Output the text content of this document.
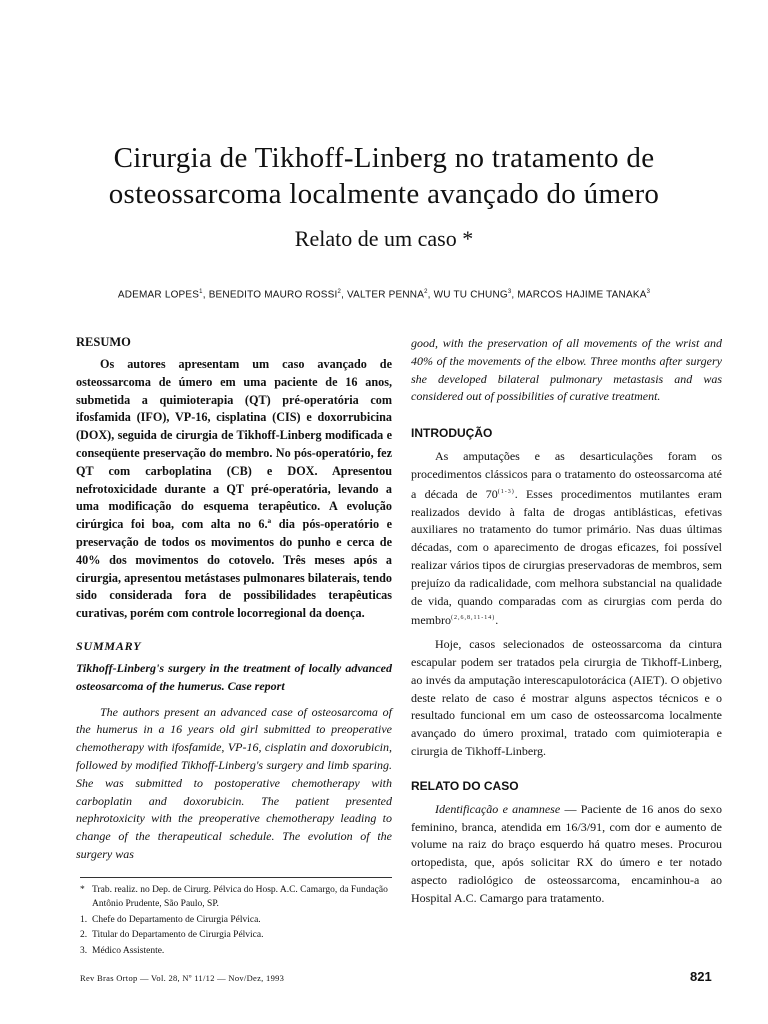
Cirurgia de Tikhoff-Linberg no tratamento de
osteossarcoma localmente avançado do úmero
Relato de um caso *
ADEMAR LOPES$^1$, BENEDITO MAURO ROSSI$^2$, VALTER PENNA$^2$, WU TU CHUNG$^3$, MARCOS HAJIME TANAKA$^3$
RESUMO

Os autores apresentam um caso avançado de osteossarcoma de úmero em uma paciente de 16 anos, submetida a quimioterapia (QT) pré-operatória com ifosfamida (IFO), VP-16, cisplatina (CIS) e doxorrubicina (DOX), seguida de cirurgia de Tikhoff-Linberg modificada e conseqüente preservação do membro. No pós-operatório, fez QT com carboplatina (CB) e DOX. Apresentou nefrotoxicidade durante a QT pré-operatória, levando a uma modificação do esquema terapêutico. A evolução cirúrgica foi boa, com alta no 6.ª dia pós-operatório e preservação de todos os movimentos do punho e cerca de 40% dos movimentos do cotovelo. Três meses após a cirurgia, apresentou metástases pulmonares bilaterais, tendo sido considerada fora de possibilidades terapêuticas curativas, porém com controle locorregional da doença.

SUMMARY

Tikhoff-Linberg's surgery in the treatment of locally advanced osteosarcoma of the humerus. Case report

The authors present an advanced case of osteosarcoma of the humerus in a 16 years old girl submitted to preoperative chemotherapy with ifosfamide, VP-16, cisplatin and doxorubicin, followed by modified Tikhoff-Linberg's surgery and limb sparing. She was submitted to postoperative chemotherapy with carboplatin and doxorubicin. The patient presented nephrotoxicity with the preoperative chemotherapy leading to change of the therapeutical schedule. The evolution of the surgery was

good, with the preservation of all movements of the wrist and 40% of the movements of the elbow. Three months after surgery she developed bilateral pulmonary metastasis and was considered out of possibilities of curative treatment.

INTRODUÇÃO

As amputações e as desarticulações foram os procedimentos clássicos para o tratamento do osteossarcoma até a década de 70$^{(1-3)}$. Esses procedimentos mutilantes eram realizados devido à falta de drogas antiblásticas, efetivas auxiliares no tratamento do tumor primário. Nas duas últimas décadas, com o aparecimento de drogas eficazes, foi possível realizar vários tipos de cirurgias preservadoras de membros, sem prejuízo da radicalidade, com melhora substancial na qualidade de vida, quando comparadas com as cirurgias com perda do membro$^{(2,6,8,11-14)}$.

Hoje, casos selecionados de osteossarcoma da cintura escapular podem ser tratados pela cirurgia de Tikhoff-Linberg, ao invés da amputação interescapulotorácica (AIET). O objetivo deste relato de caso é mostrar alguns aspectos técnicos e o resultado funcional em um caso de osteossarcoma localmente avançado do úmero proximal, tratado com quimioterapia e cirurgia de Tikhoff-Linberg.

RELATO DO CASO

Identificação e anamnese — Paciente de 16 anos do sexo feminino, branca, atendida em 16/3/91, com dor e aumento de volume na raiz do braço esquerdo há quatro meses. Procurou ortopedista, que, após solicitar RX do úmero e ter notado aspecto radiológico de osteossarcoma, encaminhou-a ao Hospital A.C. Camargo para tratamento.

* Trab. realiz. no Dep. de Cirurg. Pélvica do Hosp. A.C. Camargo, da Fundação Antônio Prudente, São Paulo, SP.
1. Chefe do Departamento de Cirurgia Pélvica.
2. Titular do Departamento de Cirurgia Pélvica.
3. Médico Assistente.
Rev Bras Ortop — Vol. 28, Nº 11/12 — Nov/Dez, 1993	821
